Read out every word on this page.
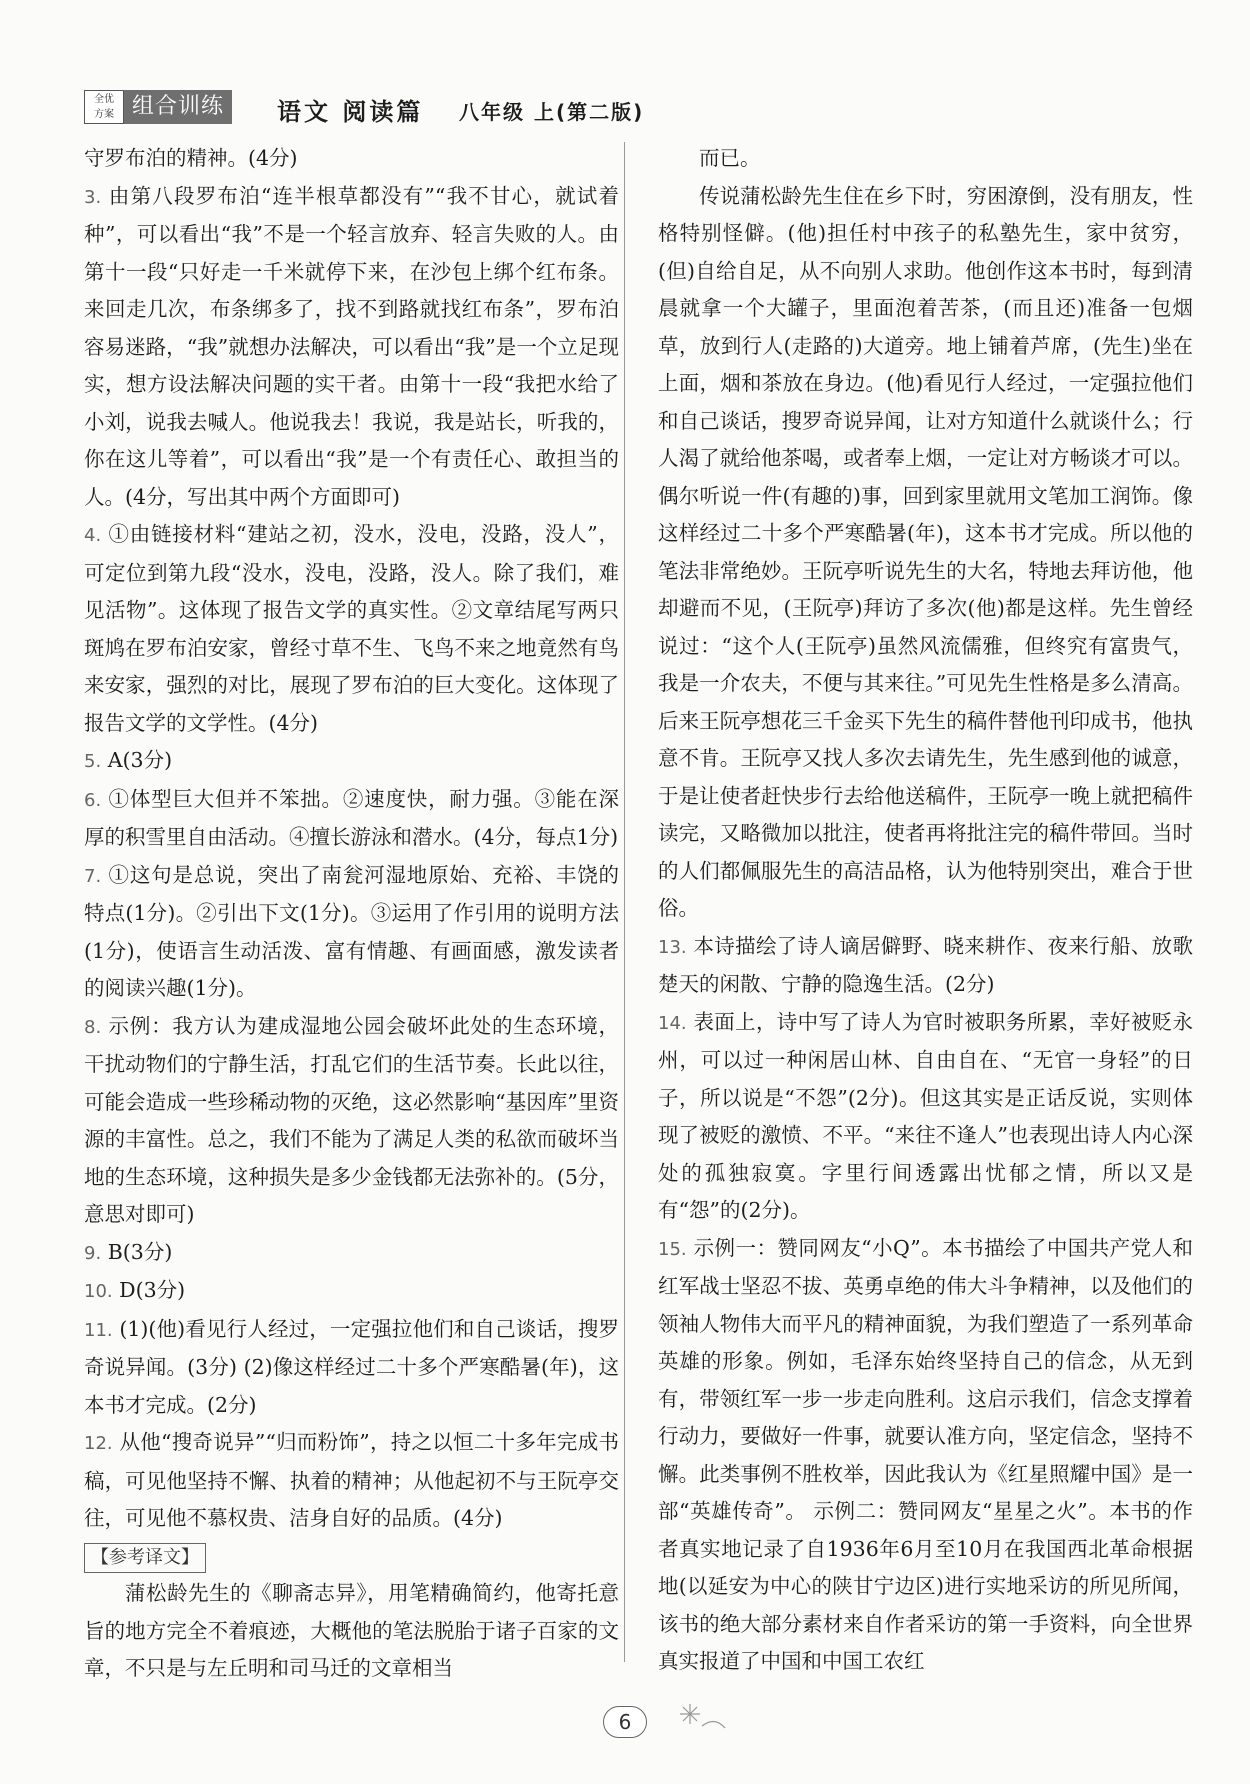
全优
方案 组合训练	语文 阅读篇 八年级 上(第二版)

守罗布泊的精神。(4分)

3. 由第八段罗布泊“连半根草都没有”“我不甘心，就试着种”，可以看出“我”不是一个轻言放弃、轻言失败的人。由第十一段“只好走一千米就停下来，在沙包上绑个红布条。来回走几次，布条绑多了，找不到路就找红布条”，罗布泊容易迷路，“我”就想办法解决，可以看出“我”是一个立足现实，想方设法解决问题的实干者。由第十一段“我把水给了小刘，说我去喊人。他说我去！我说，我是站长，听我的，你在这儿等着”，可以看出“我”是一个有责任心、敢担当的人。(4分，写出其中两个方面即可)

4. ①由链接材料“建站之初，没水，没电，没路，没人”，可定位到第九段“没水，没电，没路，没人。除了我们，难见活物”。这体现了报告文学的真实性。②文章结尾写两只斑鸠在罗布泊安家，曾经寸草不生、飞鸟不来之地竟然有鸟来安家，强烈的对比，展现了罗布泊的巨大变化。这体现了报告文学的文学性。(4分)

5. A(3分)

6. ①体型巨大但并不笨拙。②速度快，耐力强。③能在深厚的积雪里自由活动。④擅长游泳和潜水。(4分，每点1分)

7. ①这句是总说，突出了南瓮河湿地原始、充裕、丰饶的特点(1分)。②引出下文(1分)。③运用了作引用的说明方法(1分)，使语言生动活泼、富有情趣、有画面感，激发读者的阅读兴趣(1分)。

8. 示例：我方认为建成湿地公园会破坏此处的生态环境，干扰动物们的宁静生活，打乱它们的生活节奏。长此以往，可能会造成一些珍稀动物的灭绝，这必然影响“基因库”里资源的丰富性。总之，我们不能为了满足人类的私欲而破坏当地的生态环境，这种损失是多少金钱都无法弥补的。(5分，意思对即可)

9. B(3分)

10. D(3分)

11. (1)(他)看见行人经过，一定强拉他们和自己谈话，搜罗奇说异闻。(3分) (2)像这样经过二十多个严寒酷暑(年)，这本书才完成。(2分)

12. 从他“搜奇说异”“归而粉饰”，持之以恒二十多年完成书稿，可见他坚持不懈、执着的精神；从他起初不与王阮亭交往，可见他不慕权贵、洁身自好的品质。(4分)

【参考译文】

蒲松龄先生的《聊斋志异》，用笔精确简约，他寄托意旨的地方完全不着痕迹，大概他的笔法脱胎于诸子百家的文章，不只是与左丘明和司马迁的文章相当

而已。

传说蒲松龄先生住在乡下时，穷困潦倒，没有朋友，性格特别怪僻。(他)担任村中孩子的私塾先生，家中贫穷，(但)自给自足，从不向别人求助。他创作这本书时，每到清晨就拿一个大罐子，里面泡着苦茶，(而且还)准备一包烟草，放到行人(走路的)大道旁。地上铺着芦席，(先生)坐在上面，烟和茶放在身边。(他)看见行人经过，一定强拉他们和自己谈话，搜罗奇说异闻，让对方知道什么就谈什么；行人渴了就给他茶喝，或者奉上烟，一定让对方畅谈才可以。偶尔听说一件(有趣的)事，回到家里就用文笔加工润饰。像这样经过二十多个严寒酷暑(年)，这本书才完成。所以他的笔法非常绝妙。王阮亭听说先生的大名，特地去拜访他，他却避而不见，(王阮亭)拜访了多次(他)都是这样。先生曾经说过：“这个人(王阮亭)虽然风流儒雅，但终究有富贵气，我是一介农夫，不便与其来往。”可见先生性格是多么清高。后来王阮亭想花三千金买下先生的稿件替他刊印成书，他执意不肯。王阮亭又找人多次去请先生，先生感到他的诚意，于是让使者赶快步行去给他送稿件，王阮亭一晚上就把稿件读完，又略微加以批注，使者再将批注完的稿件带回。当时的人们都佩服先生的高洁品格，认为他特别突出，难合于世俗。

13. 本诗描绘了诗人谪居僻野、晓来耕作、夜来行船、放歌楚天的闲散、宁静的隐逸生活。(2分)

14. 表面上，诗中写了诗人为官时被职务所累，幸好被贬永州，可以过一种闲居山林、自由自在、“无官一身轻”的日子，所以说是“不怨”(2分)。但这其实是正话反说，实则体现了被贬的激愤、不平。“来往不逢人”也表现出诗人内心深处的孤独寂寞。字里行间透露出忧郁之情，所以又是有“怨”的(2分)。

15. 示例一：赞同网友“小Q”。本书描绘了中国共产党人和红军战士坚忍不拔、英勇卓绝的伟大斗争精神，以及他们的领袖人物伟大而平凡的精神面貌，为我们塑造了一系列革命英雄的形象。例如，毛泽东始终坚持自己的信念，从无到有，带领红军一步一步走向胜利。这启示我们，信念支撑着行动力，要做好一件事，就要认准方向，坚定信念，坚持不懈。此类事例不胜枚举，因此我认为《红星照耀中国》是一部“英雄传奇”。 示例二：赞同网友“星星之火”。本书的作者真实地记录了自1936年6月至10月在我国西北革命根据地(以延安为中心的陕甘宁边区)进行实地采访的所见所闻，该书的绝大部分素材来自作者采访的第一手资料，向全世界真实报道了中国和中国工农红

6
